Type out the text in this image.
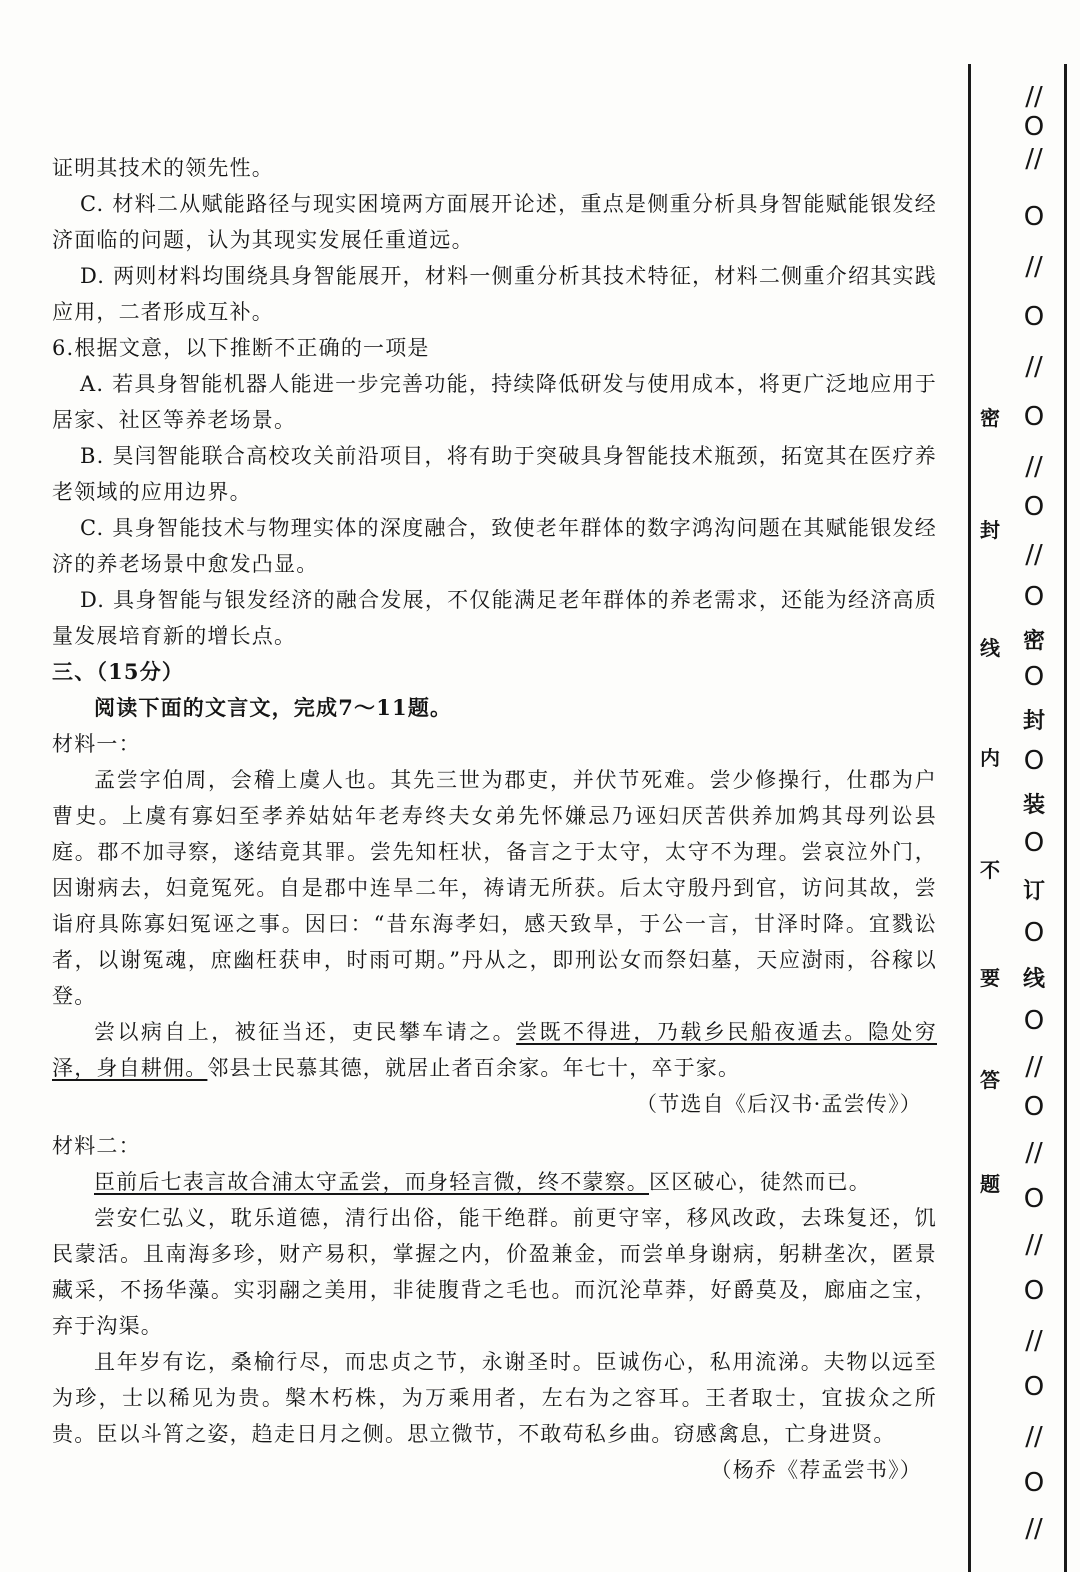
证明其技术的领先性。

C. 材料二从赋能路径与现实困境两方面展开论述，重点是侧重分析具身智能赋能银发经济面临的问题，认为其现实发展任重道远。

D. 两则材料均围绕具身智能展开，材料一侧重分析其技术特征，材料二侧重介绍其实践应用，二者形成互补。

6.根据文意，以下推断不正确的一项是

A. 若具身智能机器人能进一步完善功能，持续降低研发与使用成本，将更广泛地应用于居家、社区等养老场景。

B. 昊闫智能联合高校攻关前沿项目，将有助于突破具身智能技术瓶颈，拓宽其在医疗养老领域的应用边界。

C. 具身智能技术与物理实体的深度融合，致使老年群体的数字鸿沟问题在其赋能银发经济的养老场景中愈发凸显。

D. 具身智能与银发经济的融合发展，不仅能满足老年群体的养老需求，还能为经济高质量发展培育新的增长点。

三、（15分）

阅读下面的文言文，完成7～11题。

材料一：

孟尝字伯周，会稽上虞人也。其先三世为郡吏，并伏节死难。尝少修操行，仕郡为户曹史。上虞有寡妇至孝养姑姑年老寿终夫女弟先怀嫌忌乃诬妇厌苦供养加鸩其母列讼县庭。郡不加寻察，遂结竟其罪。尝先知枉状，备言之于太守，太守不为理。尝哀泣外门，因谢病去，妇竟冤死。自是郡中连旱二年，祷请无所获。后太守殷丹到官，访问其故，尝诣府具陈寡妇冤诬之事。因曰：“昔东海孝妇，感天致旱，于公一言，甘泽时降。宜戮讼者，以谢冤魂，庶幽枉获申，时雨可期。”丹从之，即刑讼女而祭妇墓，天应澍雨，谷稼以登。

尝以病自上，被征当还，吏民攀车请之。尝既不得进，乃载乡民船夜遁去。隐处穷泽，身自耕佣。邻县士民慕其德，就居止者百余家。年七十，卒于家。

（节选自《后汉书·孟尝传》）

材料二：

臣前后七表言故合浦太守孟尝，而身轻言微，终不蒙察。区区破心，徒然而已。

尝安仁弘义，耽乐道德，清行出俗，能干绝群。前更守宰，移风改政，去珠复还，饥民蒙活。且南海多珍，财产易积，掌握之内，价盈兼金，而尝单身谢病，躬耕垄次，匿景藏采，不扬华藻。实羽翮之美用，非徒腹背之毛也。而沉沦草莽，好爵莫及，廊庙之宝，弃于沟渠。

且年岁有讫，桑榆行尽，而忠贞之节，永谢圣时。臣诚伤心，私用流涕。夫物以远至为珍，士以稀见为贵。槃木朽株，为万乘用者，左右为之容耳。王者取士，宜拔众之所贵。臣以斗筲之姿，趋走日月之侧。思立微节，不敢苟私乡曲。窃感禽息，亡身进贤。

（杨乔《荐孟尝书》）

密
封
线
内
不
要
答
题
//
O
//
O
//
O
//
O
//
O
//
O
密
O
封
O
装
O
订
O
线
O
//
O
//
O
//
O
//
O
//
O
//
